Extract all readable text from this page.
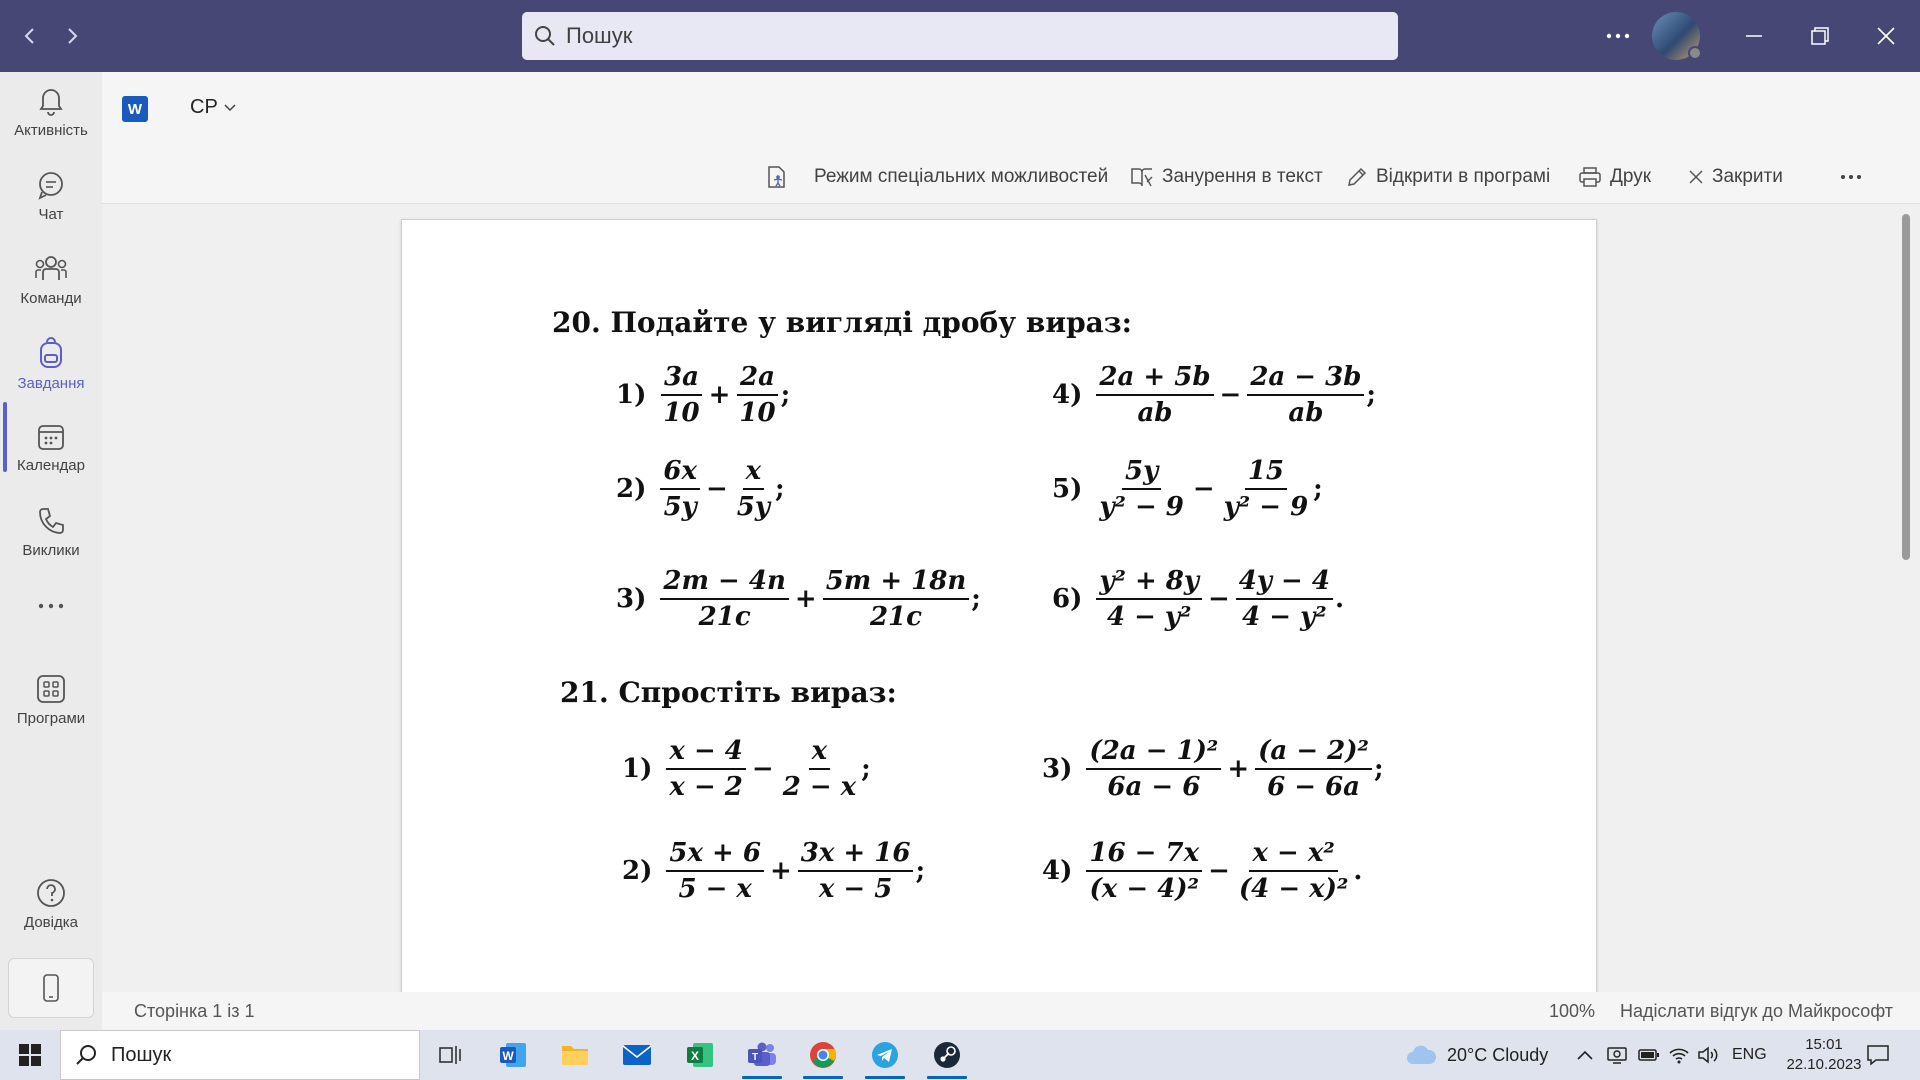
Пошук
Активність
Чат
Команди
Завдання
Календар
Виклики
Програми
Довідка
W СР
Режим спеціальних можливостей	Занурення в текст	Відкрити в програмі	Друк	Закрити
20. Подайте у вигляді дробу вираз:
$1) \frac{3a}{10} + \frac{2a}{10}$ ;
$2) \frac{6x}{5y} - \frac{x}{5y}$ ;
$3) \frac{2m - 4n}{21c} + \frac{5m + 18n}{21c}$ ;
$4) \frac{2a + 5b}{ab} - \frac{2a - 3b}{ab}$ ;
$5) \frac{5y}{\text{y² − 9}} - \frac{15}{\text{y² − 9}}$ ;
$6) \frac{\text{y² + 8y}}{\text{4 − y²}} - \frac{4y - 4}{\text{4 − y²}}$ .
21. Спростіть вираз:
$1) \frac{x - 4}{x - 2} - \frac{x}{2 - x}$ ;
$2) \frac{5x + 6}{5 - x} + \frac{3x + 16}{x - 5}$ ;
$3) \frac{\text{(2a − 1)²}}{6a - 6} + \frac{\text{(a − 2)²}}{6 - 6a}$ ;
$4) \frac{16 - 7x}{\text{(x − 4)²}} - \frac{\text{x − x²}}{\text{(4 − x)²}}$ .
Сторінка 1 із 1	100% Надіслати відгук до Майкрософт
Пошук	W	X	T	20°C Cloudy	ENG
15:01
22.10.2023
